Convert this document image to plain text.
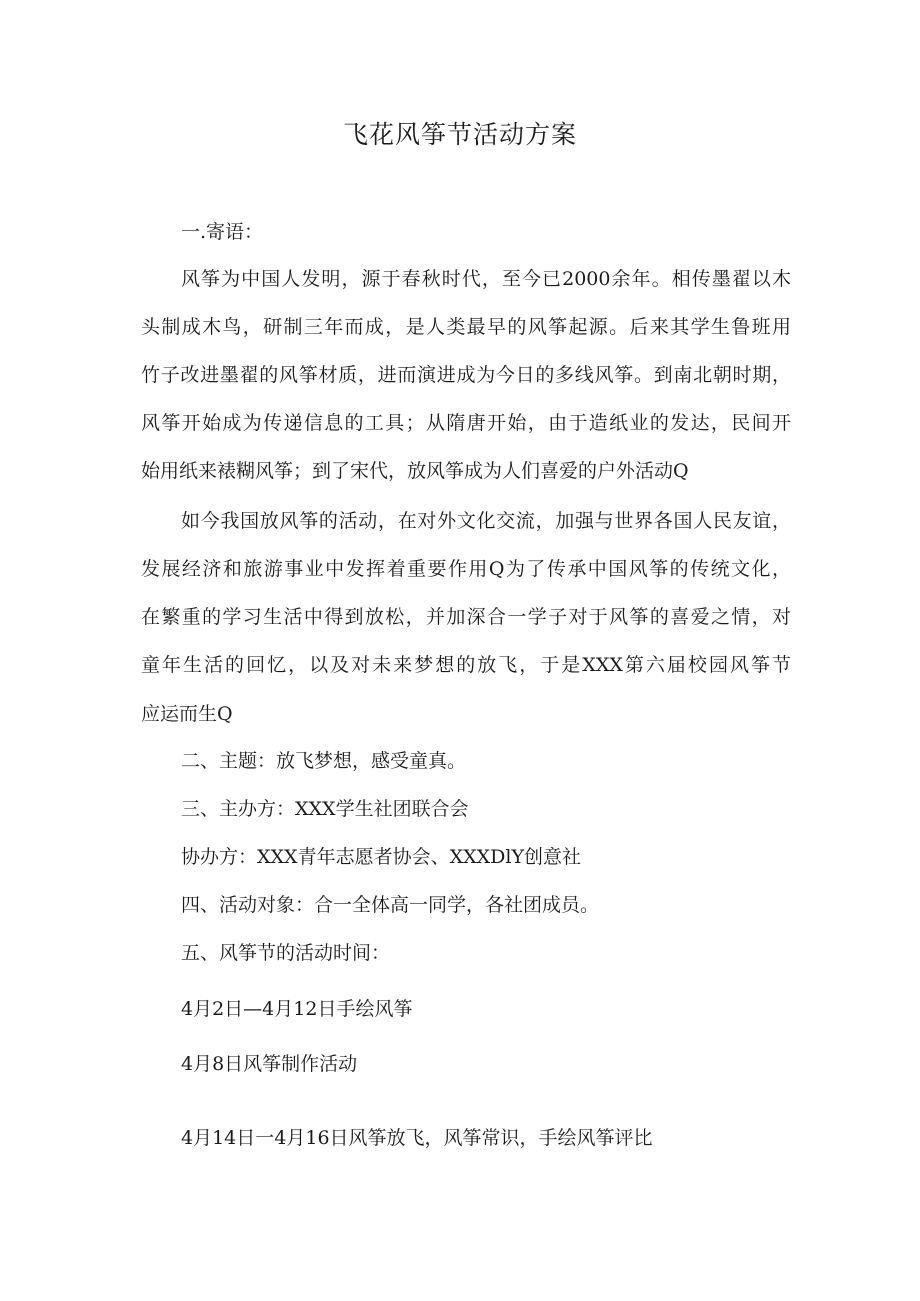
飞花风筝节活动方案
一.寄语：
风筝为中国人发明，源于春秋时代，至今已2000余年。相传墨翟以木
头制成木鸟，研制三年而成，是人类最早的风筝起源。后来其学生鲁班用
竹子改进墨翟的风筝材质，进而演进成为今日的多线风筝。到南北朝时期，
风筝开始成为传递信息的工具；从隋唐开始，由于造纸业的发达，民间开
始用纸来裱糊风筝；到了宋代，放风筝成为人们喜爱的户外活动Q
如今我国放风筝的活动，在对外文化交流，加强与世界各国人民友谊，
发展经济和旅游事业中发挥着重要作用Q为了传承中国风筝的传统文化，
在繁重的学习生活中得到放松，并加深合一学子对于风筝的喜爱之情，对
童年生活的回忆，以及对未来梦想的放飞，于是XXX第六届校园风筝节
应运而生Q
二、主题：放飞梦想，感受童真。
三、主办方：XXX学生社团联合会
协办方：XXX青年志愿者协会、XXXDlY创意社
四、活动对象：合一全体高一同学，各社团成员。
五、风筝节的活动时间：
4月2日—4月12日手绘风筝
4月8日风筝制作活动
4月14日一4月16日风筝放飞，风筝常识，手绘风筝评比
